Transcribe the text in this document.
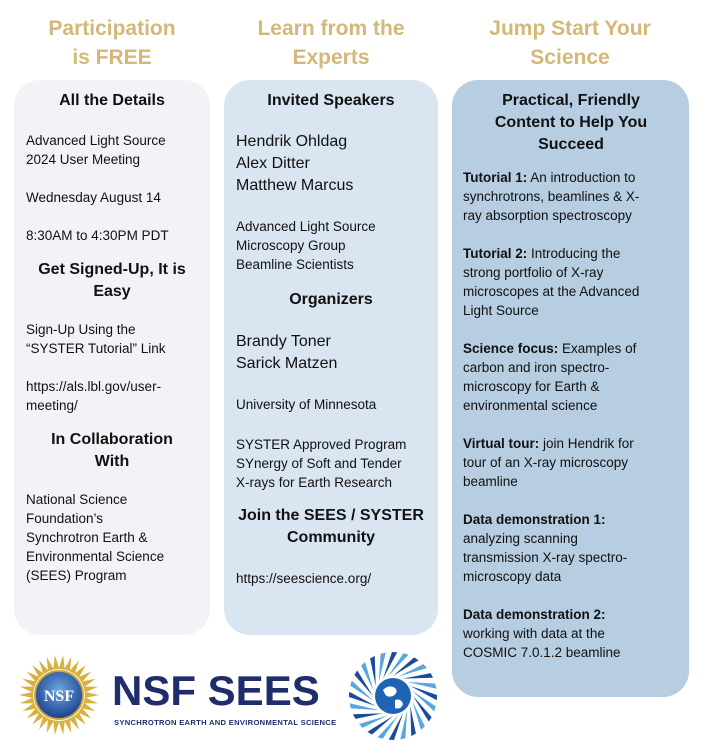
Participation
is FREE
Learn from the
Experts
Jump Start Your
Science
All the Details
Advanced Light Source
2024 User Meeting
Wednesday August 14
8:30AM to 4:30PM PDT
Get Signed-Up, It is
Easy
Sign-Up Using the
“SYSTER Tutorial” Link
https://als.lbl.gov/user-
meeting/
In Collaboration
With
National Science
Foundation’s
Synchrotron Earth &
Environmental Science
(SEES) Program
Invited Speakers
Hendrik Ohldag
Alex Ditter
Matthew Marcus
Advanced Light Source
Microscopy Group
Beamline Scientists
Organizers
Brandy Toner
Sarick Matzen
University of Minnesota
SYSTER Approved Program
SYnergy of Soft and Tender
X-rays for Earth Research
Join the SEES / SYSTER
Community
https://seescience.org/
Practical, Friendly
Content to Help You
Succeed
Tutorial 1: An introduction to
synchrotrons, beamlines & X-
ray absorption spectroscopy
Tutorial 2: Introducing the
strong portfolio of X-ray
microscopes at the Advanced
Light Source
Science focus: Examples of
carbon and iron spectro-
microscopy for Earth &
environmental science
Virtual tour: join Hendrik for
tour of an X-ray microscopy
beamline
Data demonstration 1:
analyzing scanning
transmission X-ray spectro-
microscopy data
Data demonstration 2:
working with data at the
COSMIC 7.0.1.2 beamline
NSF NSF SEES
SYNCHROTRON EARTH AND ENVIRONMENTAL SCIENCE
